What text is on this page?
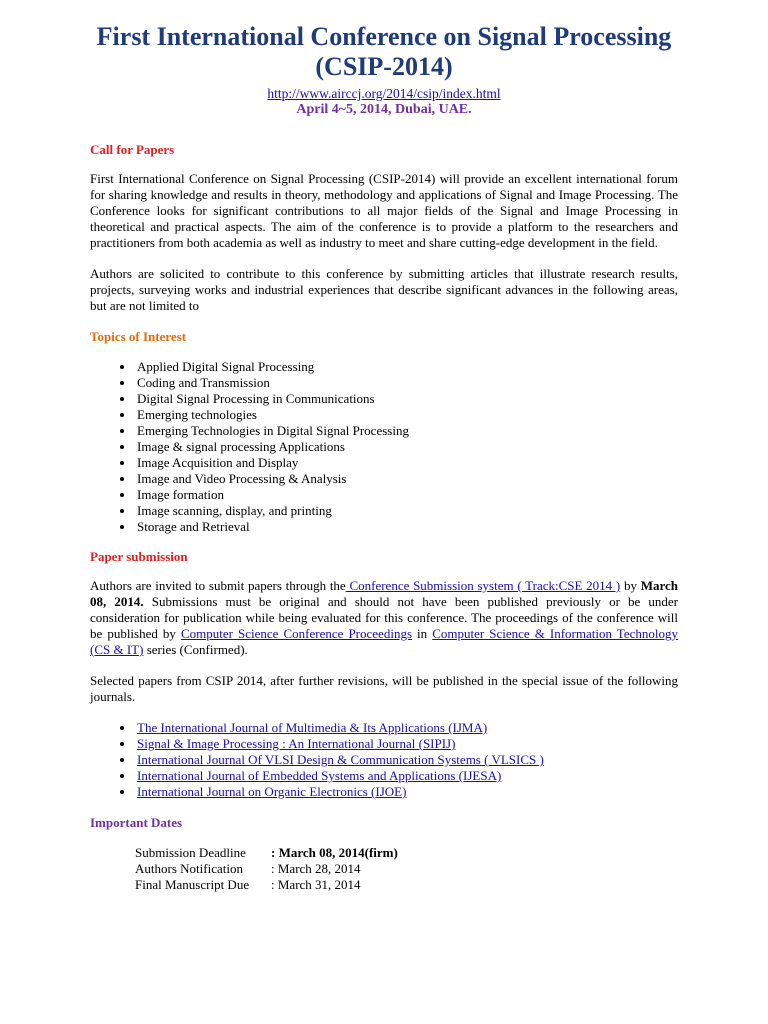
First International Conference on Signal Processing
(CSIP-2014)
http://www.airccj.org/2014/csip/index.html
April 4~5, 2014, Dubai, UAE.
Call for Papers

First International Conference on Signal Processing (CSIP-2014) will provide an excellent international forum for sharing knowledge and results in theory, methodology and applications of Signal and Image Processing. The Conference looks for significant contributions to all major fields of the Signal and Image Processing in theoretical and practical aspects. The aim of the conference is to provide a platform to the researchers and practitioners from both academia as well as industry to meet and share cutting-edge development in the field.

Authors are solicited to contribute to this conference by submitting articles that illustrate research results, projects, surveying works and industrial experiences that describe significant advances in the following areas, but are not limited to

Topics of Interest
• Applied Digital Signal Processing
• Coding and Transmission
• Digital Signal Processing in Communications
• Emerging technologies
• Emerging Technologies in Digital Signal Processing
• Image & signal processing Applications
• Image Acquisition and Display
• Image and Video Processing & Analysis
• Image formation
• Image scanning, display, and printing
• Storage and Retrieval
Paper submission

Authors are invited to submit papers through the Conference Submission system ( Track:CSE 2014 ) by March 08, 2014. Submissions must be original and should not have been published previously or be under consideration for publication while being evaluated for this conference. The proceedings of the conference will be published by Computer Science Conference Proceedings in Computer Science & Information Technology (CS & IT) series (Confirmed).

Selected papers from CSIP 2014, after further revisions, will be published in the special issue of the following journals.

• The International Journal of Multimedia & Its Applications (IJMA)
• Signal & Image Processing : An International Journal (SIPIJ)
• International Journal Of VLSI Design & Communication Systems ( VLSICS )
• International Journal of Embedded Systems and Applications (IJESA)
• International Journal on Organic Electronics (IJOE)
Important Dates
Submission Deadline	: March 08, 2014(firm)
Authors Notification	: March 28, 2014
Final Manuscript Due	: March 31, 2014
